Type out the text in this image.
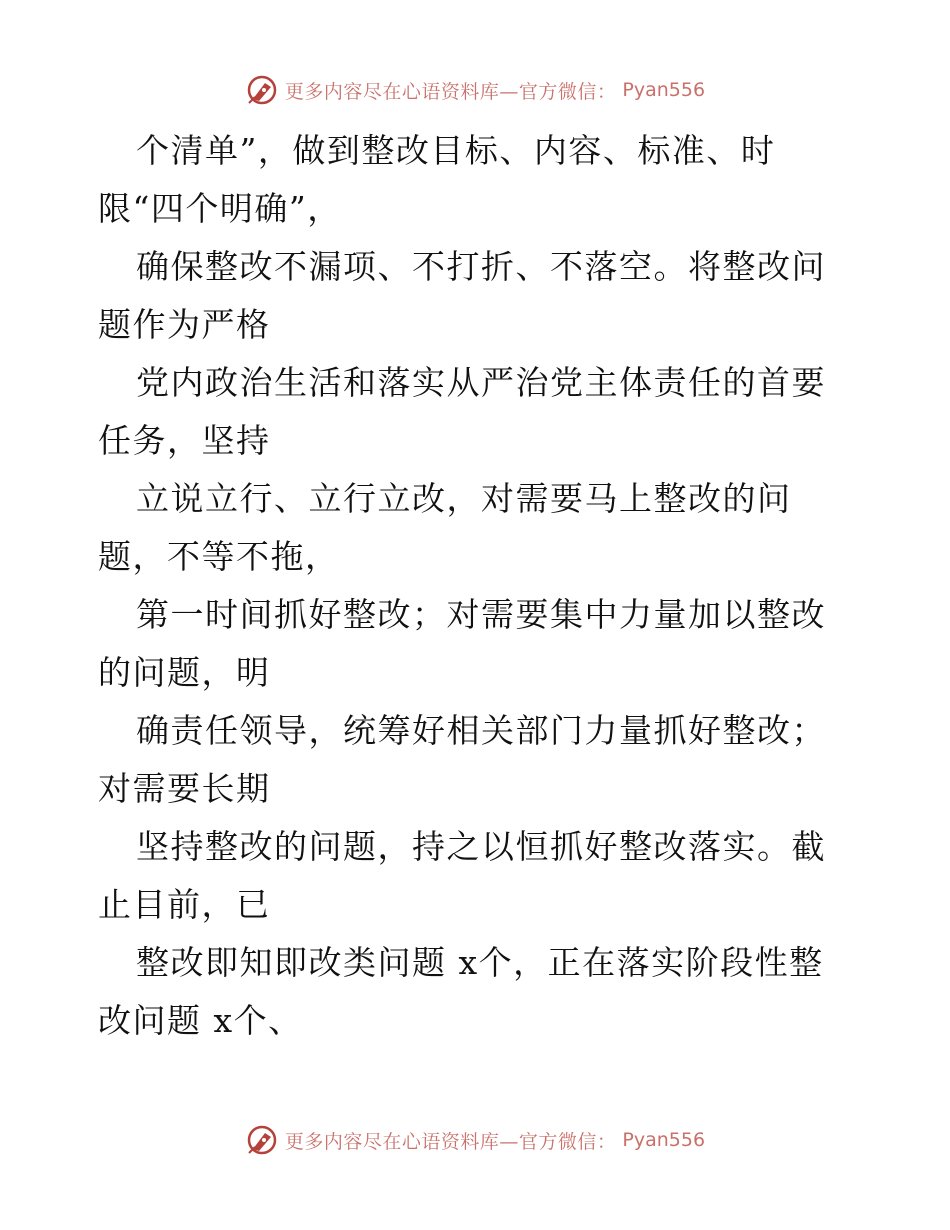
更多内容尽在心语资料库—官方微信： Pyan556

个清单”，做到整改目标、内容、标准、时限“四个明确”，

确保整改不漏项、不打折、不落空。将整改问题作为严格

党内政治生活和落实从严治党主体责任的首要任务，坚持

立说立行、立行立改，对需要马上整改的问题，不等不拖，

第一时间抓好整改；对需要集中力量加以整改的问题，明

确责任领导，统筹好相关部门力量抓好整改；对需要长期

坚持整改的问题，持之以恒抓好整改落实。截止目前，已

整改即知即改类问题 x个，正在落实阶段性整改问题 x个、

更多内容尽在心语资料库—官方微信： Pyan556
